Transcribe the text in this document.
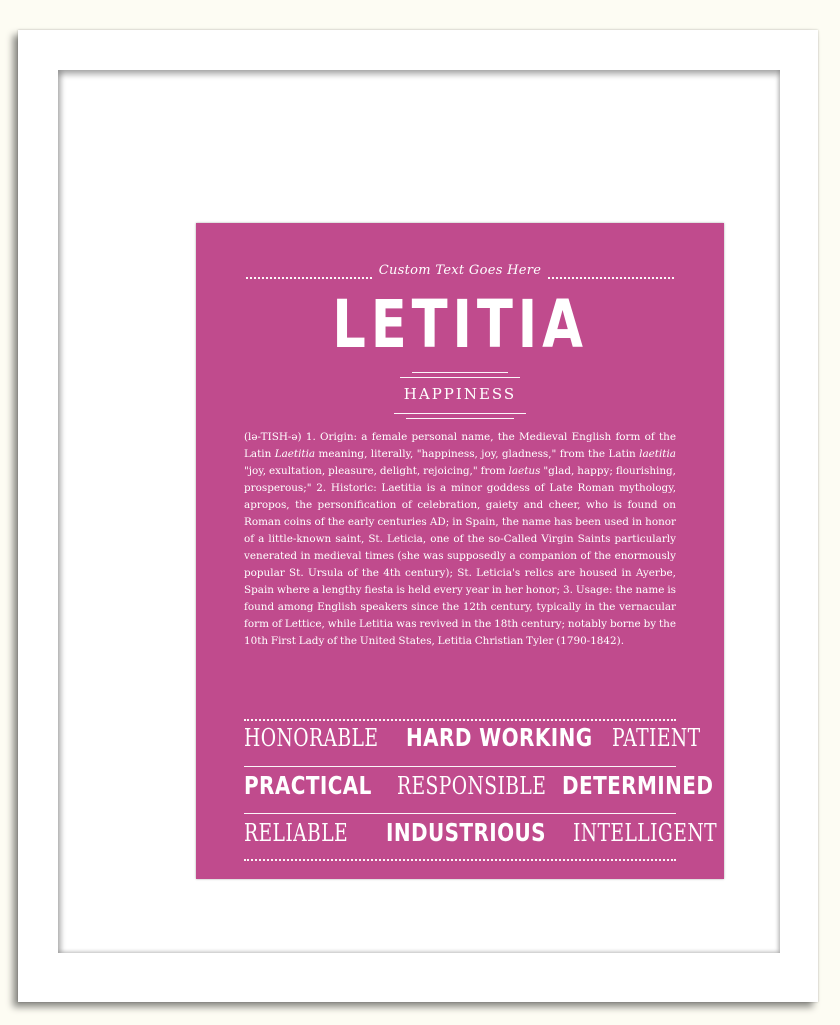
Custom Text Goes Here
LETITIA
HAPPINESS
(lə-TISH-ə) 1. Origin: a female personal name, the Medieval English form of the Latin Laetitia meaning, literally, "happiness, joy, gladness," from the Latin laetitia "joy, exultation, pleasure, delight, rejoicing," from laetus "glad, happy; flourishing, prosperous;" 2. Historic: Laetitia is a minor goddess of Late Roman mythology, apropos, the personification of celebration, gaiety and cheer, who is found on Roman coins of the early centuries AD; in Spain, the name has been used in honor of a little-known saint, St. Leticia, one of the so-Called Virgin Saints particularly venerated in medieval times (she was supposedly a companion of the enormously popular St. Ursula of the 4th century); St. Leticia's relics are housed in Ayerbe, Spain where a lengthy fiesta is held every year in her honor; 3. Usage: the name is found among English speakers since the 12th century, typically in the vernacular form of Lettice, while Letitia was revived in the 18th century; notably borne by the 10th First Lady of the United States, Letitia Christian Tyler (1790-1842).
HONORABLE HARD WORKING PATIENT
PRACTICAL RESPONSIBLE DETERMINED
RELIABLE INDUSTRIOUS INTELLIGENT
